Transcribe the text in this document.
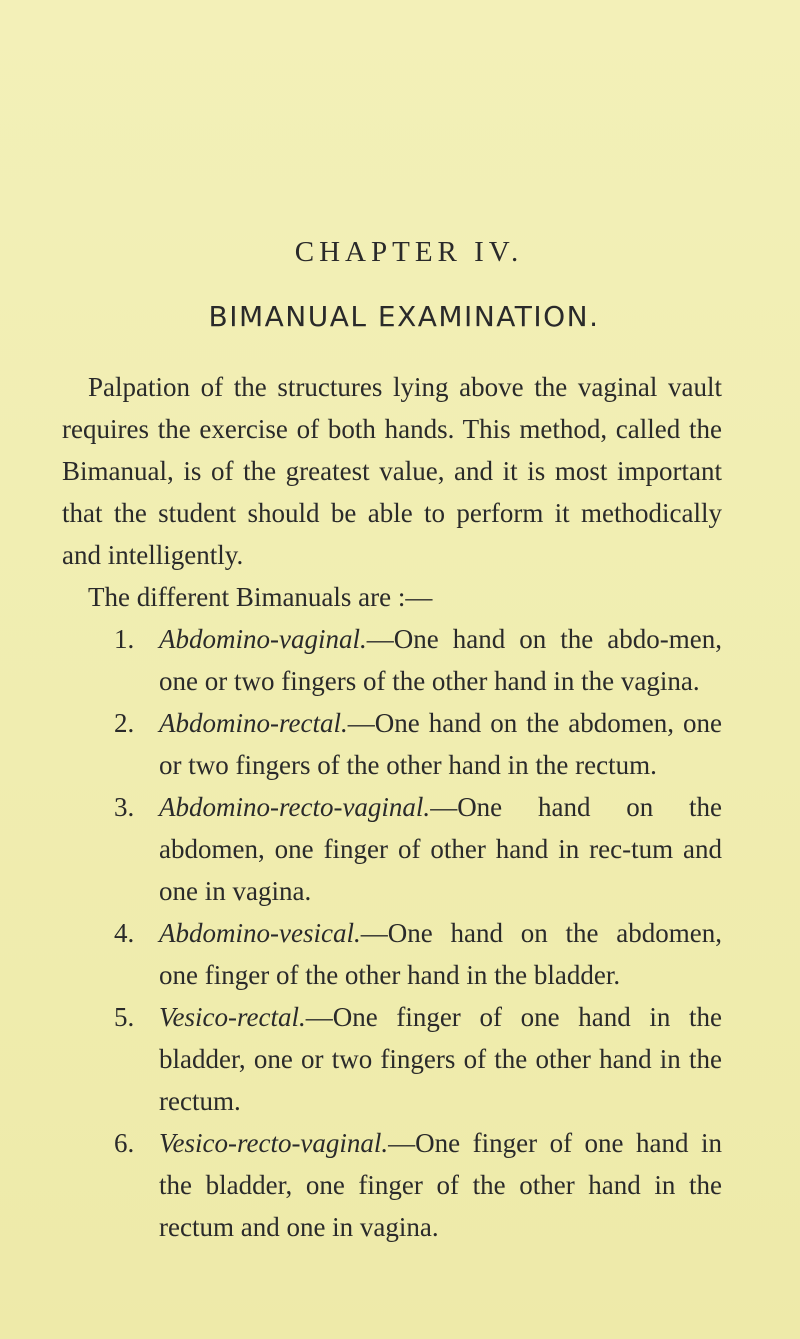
CHAPTER IV.
BIMANUAL EXAMINATION.

Palpation of the structures lying above the vaginal vault requires the exercise of both hands. This method, called the Bimanual, is of the greatest value, and it is most important that the student should be able to perform it methodically and intelligently.

The different Bimanuals are :—

1. Abdomino-vaginal.—One hand on the abdo-men, one or two fingers of the other hand in the vagina.
2. Abdomino-rectal.—One hand on the abdomen, one or two fingers of the other hand in the rectum.
3. Abdomino-recto-vaginal.—One hand on the abdomen, one finger of other hand in rec-tum and one in vagina.
4. Abdomino-vesical.—One hand on the abdomen, one finger of the other hand in the bladder.
5. Vesico-rectal.—One finger of one hand in the bladder, one or two fingers of the other hand in the rectum.
6. Vesico-recto-vaginal.—One finger of one hand in the bladder, one finger of the other hand in the rectum and one in vagina.
